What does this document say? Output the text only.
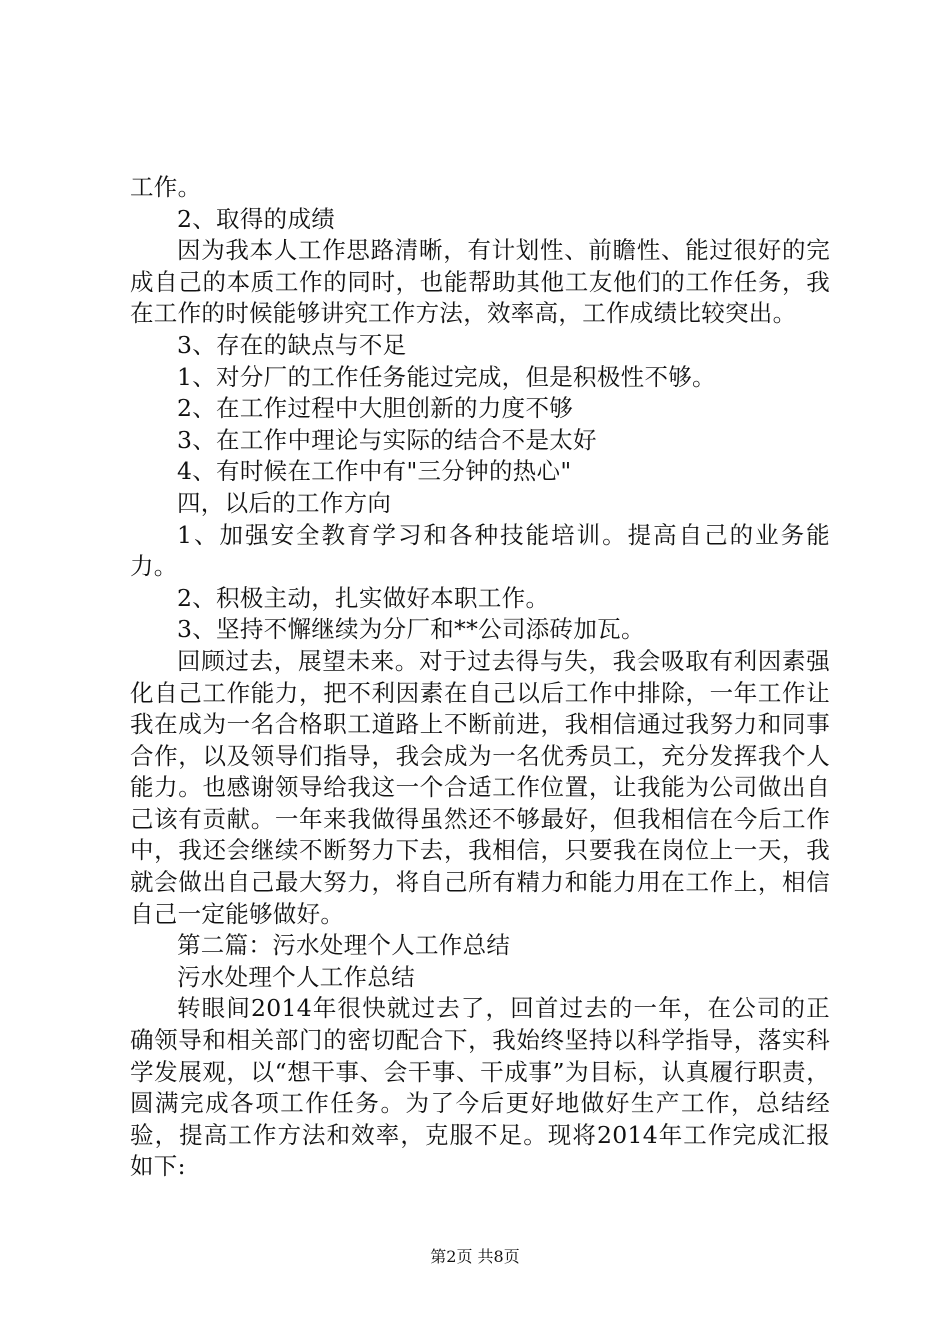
工作。

2、取得的成绩

因为我本人工作思路清晰，有计划性、前瞻性、能过很好的完成自己的本质工作的同时，也能帮助其他工友他们的工作任务，我在工作的时候能够讲究工作方法，效率高，工作成绩比较突出。

3、存在的缺点与不足

1、对分厂的工作任务能过完成，但是积极性不够。

2、在工作过程中大胆创新的力度不够

3、在工作中理论与实际的结合不是太好

4、有时候在工作中有"三分钟的热心"

四，以后的工作方向

1、加强安全教育学习和各种技能培训。提高自己的业务能力。

2、积极主动，扎实做好本职工作。

3、坚持不懈继续为分厂和**公司添砖加瓦。

回顾过去，展望未来。对于过去得与失，我会吸取有利因素强化自己工作能力，把不利因素在自己以后工作中排除，一年工作让我在成为一名合格职工道路上不断前进，我相信通过我努力和同事合作，以及领导们指导，我会成为一名优秀员工，充分发挥我个人能力。也感谢领导给我这一个合适工作位置，让我能为公司做出自己该有贡献。一年来我做得虽然还不够最好，但我相信在今后工作中，我还会继续不断努力下去，我相信，只要我在岗位上一天，我就会做出自己最大努力，将自己所有精力和能力用在工作上，相信自己一定能够做好。

第二篇：污水处理个人工作总结

污水处理个人工作总结

转眼间2014年很快就过去了，回首过去的一年，在公司的正确领导和相关部门的密切配合下，我始终坚持以科学指导，落实科学发展观，以“想干事、会干事、干成事”为目标，认真履行职责，圆满完成各项工作任务。为了今后更好地做好生产工作，总结经验，提高工作方法和效率，克服不足。现将2014年工作完成汇报如下:

第2页 共8页
